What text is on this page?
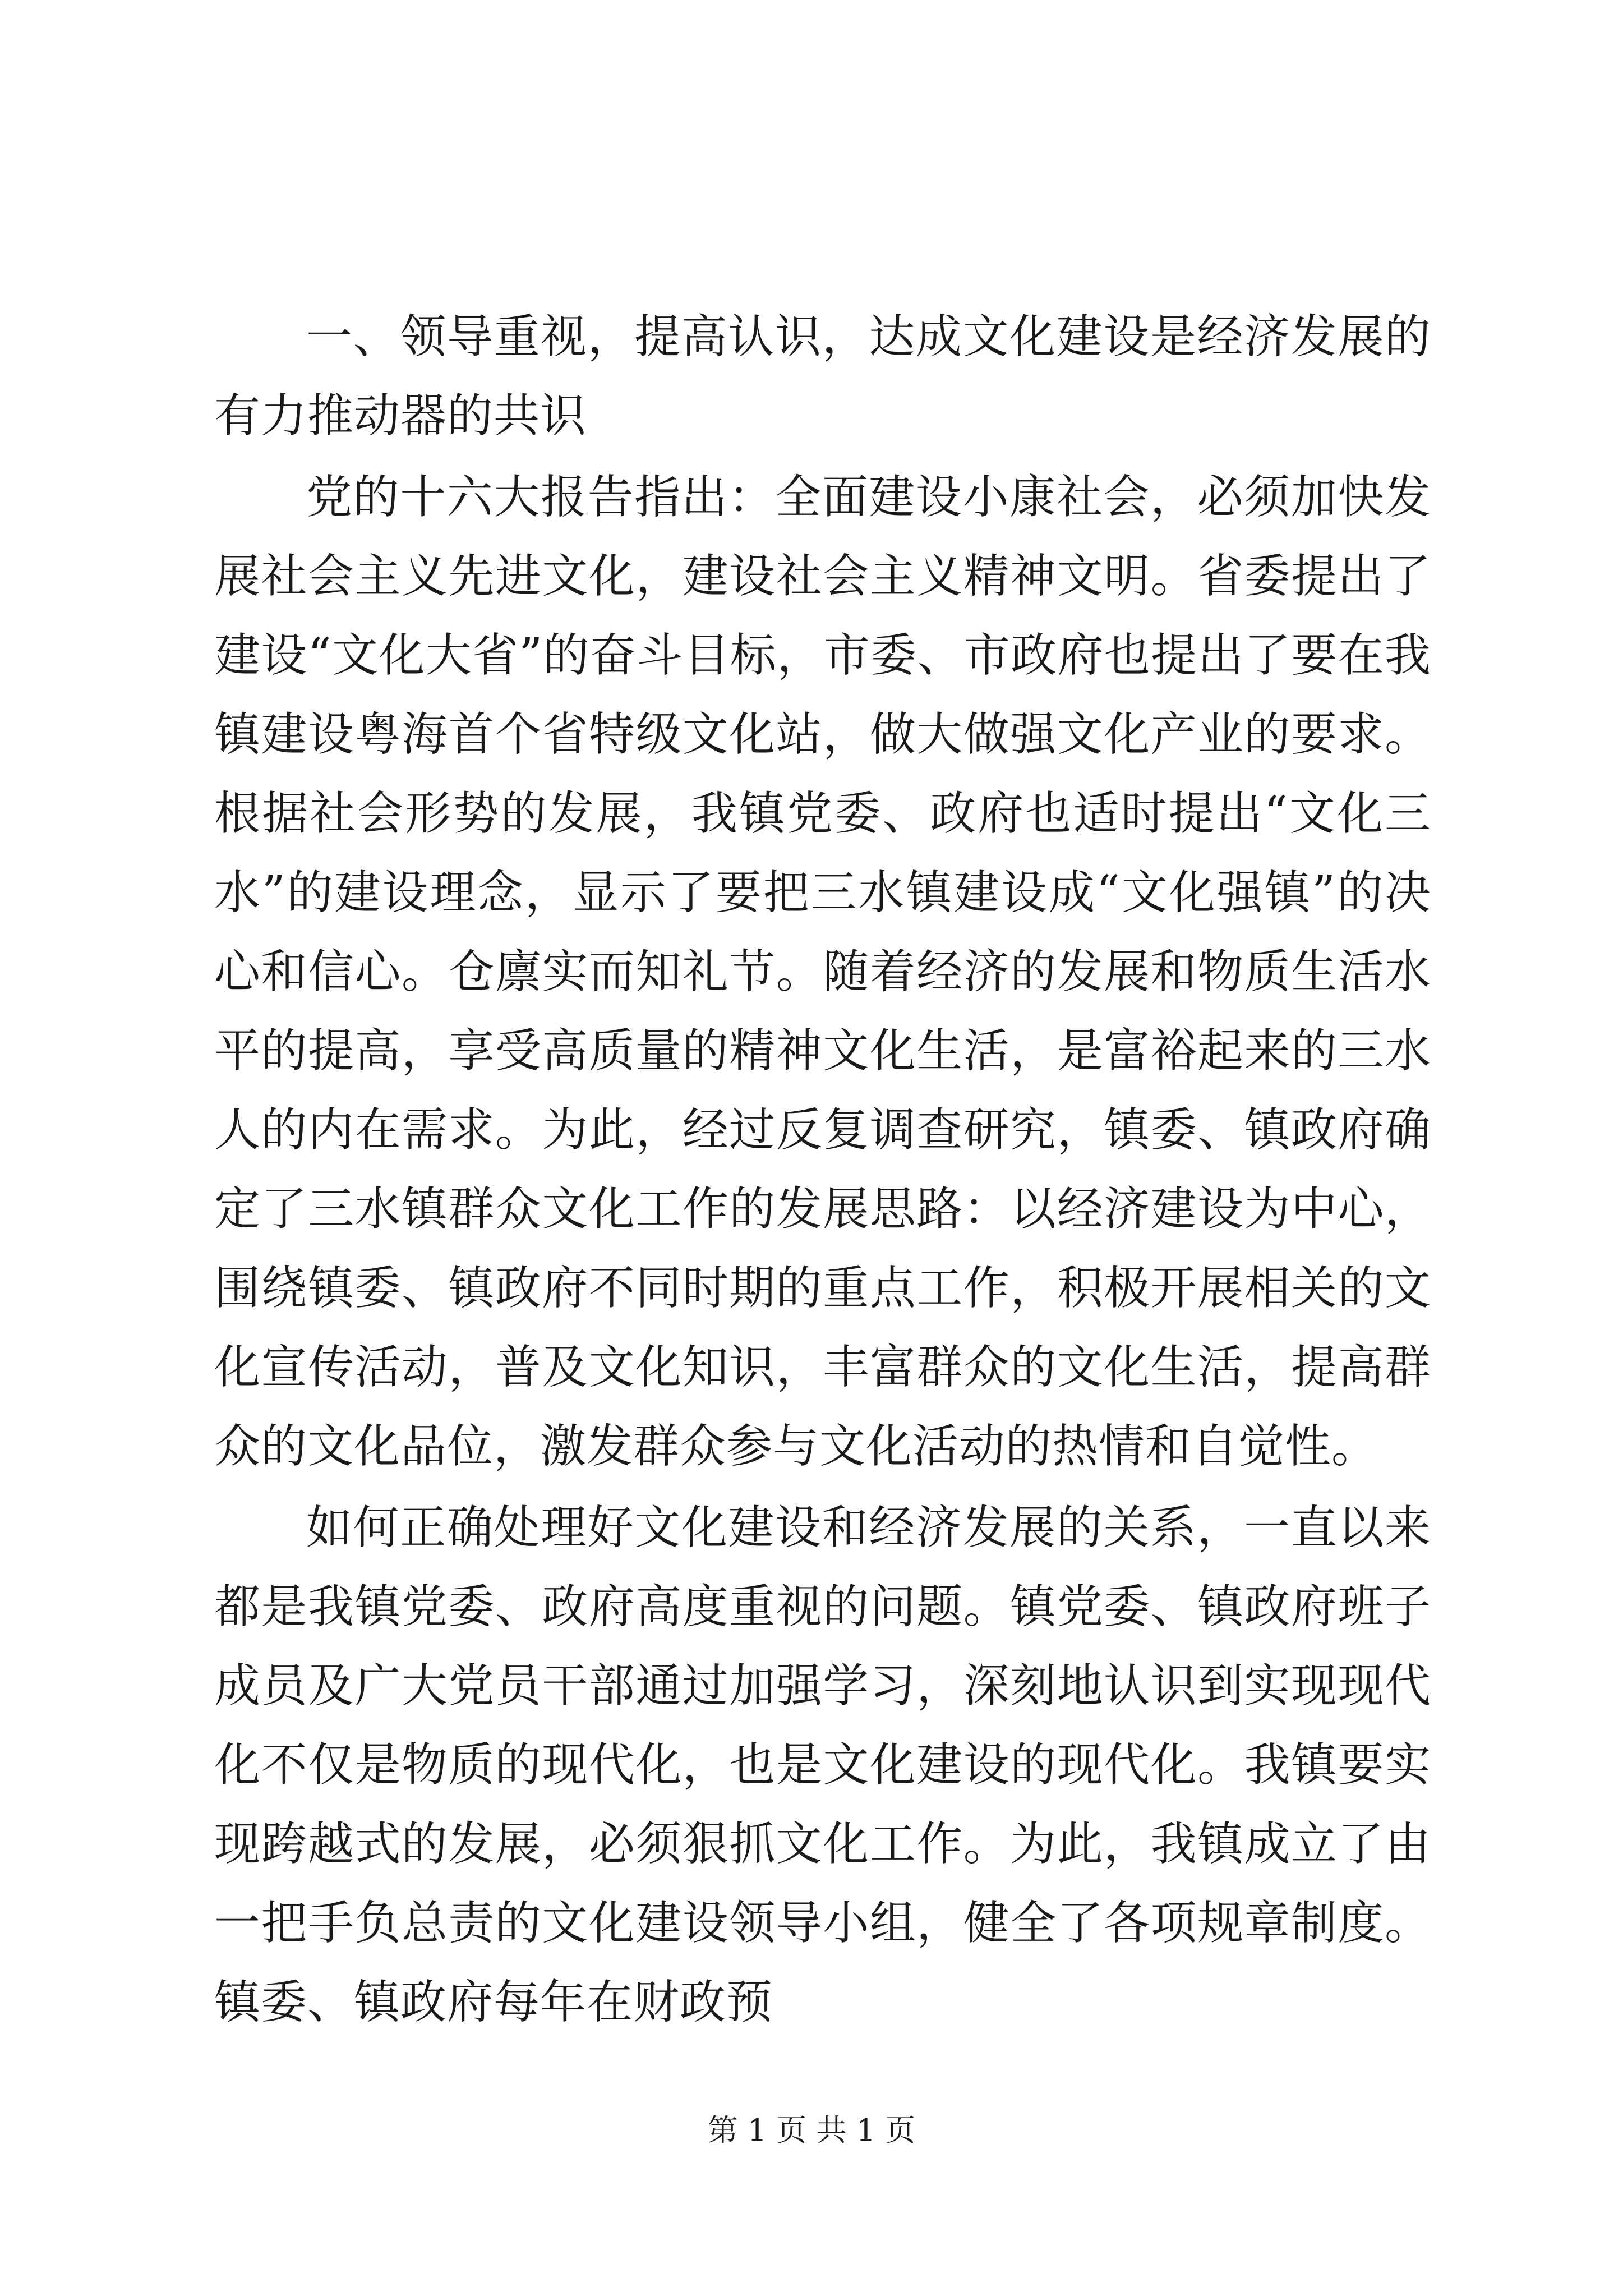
一、领导重视，提高认识，达成文化建设是经济发展的有力推动器的共识

党的十六大报告指出：全面建设小康社会，必须加快发展社会主义先进文化，建设社会主义精神文明。省委提出了建设“文化大省”的奋斗目标，市委、市政府也提出了要在我镇建设粤海首个省特级文化站，做大做强文化产业的要求。根据社会形势的发展，我镇党委、政府也适时提出“文化三水”的建设理念，显示了要把三水镇建设成“文化强镇”的决心和信心。仓廪实而知礼节。随着经济的发展和物质生活水平的提高，享受高质量的精神文化生活，是富裕起来的三水人的内在需求。为此，经过反复调查研究，镇委、镇政府确定了三水镇群众文化工作的发展思路：以经济建设为中心，围绕镇委、镇政府不同时期的重点工作，积极开展相关的文化宣传活动，普及文化知识，丰富群众的文化生活，提高群众的文化品位，激发群众参与文化活动的热情和自觉性。

如何正确处理好文化建设和经济发展的关系，一直以来都是我镇党委、政府高度重视的问题。镇党委、镇政府班子成员及广大党员干部通过加强学习，深刻地认识到实现现代化不仅是物质的现代化，也是文化建设的现代化。我镇要实现跨越式的发展，必须狠抓文化工作。为此，我镇成立了由一把手负总责的文化建设领导小组，健全了各项规章制度。镇委、镇政府每年在财政预

第 1 页 共 1 页
